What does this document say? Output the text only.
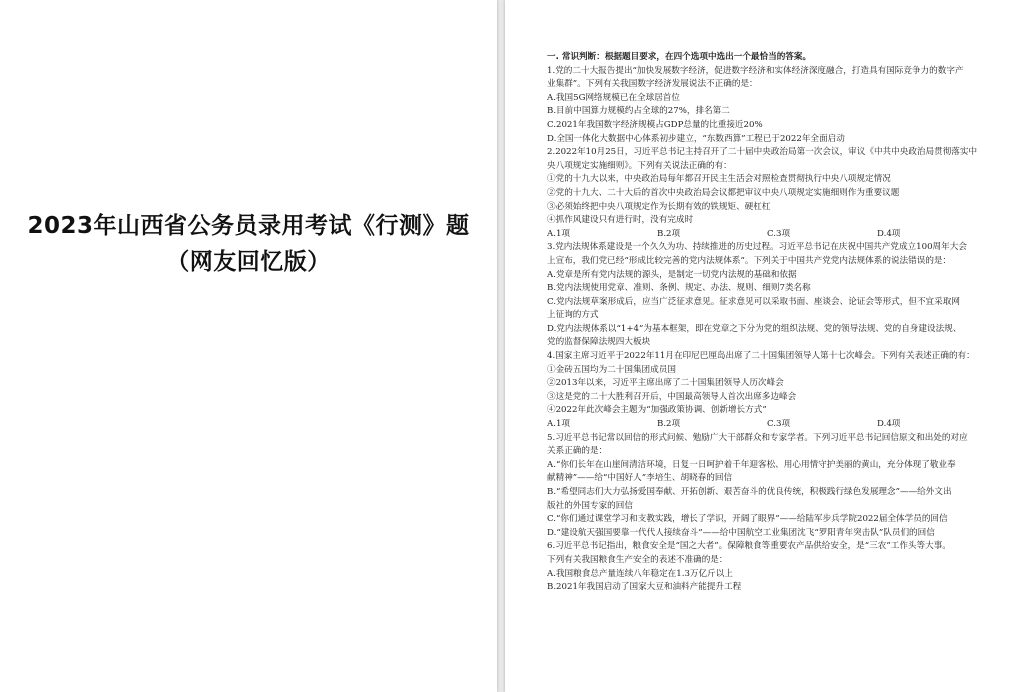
2023年山西省公务员录用考试《行测》题
（网友回忆版）

一. 常识判断：根据题目要求，在四个选项中选出一个最恰当的答案。

1.党的二十大报告提出“加快发展数字经济，促进数字经济和实体经济深度融合，打造具有国际竞争力的数字产

业集群”。下列有关我国数字经济发展说法不正确的是：

A.我国5G网络规模已在全球居首位

B.目前中国算力规模约占全球的27%，排名第二

C.2021年我国数字经济规模占GDP总量的比重接近20%

D.全国一体化大数据中心体系初步建立，“东数西算”工程已于2022年全面启动

2.2022年10月25日，习近平总书记主持召开了二十届中央政治局第一次会议，审议《中共中央政治局贯彻落实中

央八项规定实施细则》。下列有关说法正确的有：

①党的十九大以来，中央政治局每年都召开民主生活会对照检查贯彻执行中央八项规定情况

②党的十九大、二十大后的首次中央政治局会议都把审议中央八项规定实施细则作为重要议题

③必须始终把中央八项规定作为长期有效的铁规矩、硬杠杠

④抓作风建设只有进行时，没有完成时

A.1项	B.2项	C.3项	D.4项

3.党内法规体系建设是一个久久为功、持续推进的历史过程。习近平总书记在庆祝中国共产党成立100周年大会

上宣布，我们党已经“形成比较完善的党内法规体系”。下列关于中国共产党党内法规体系的说法错误的是：

A.党章是所有党内法规的源头，是制定一切党内法规的基础和依据

B.党内法规使用党章、准则、条例、规定、办法、规则、细则7类名称

C.党内法规草案形成后，应当广泛征求意见。征求意见可以采取书面、座谈会、论证会等形式，但不宜采取网

上征询的方式

D.党内法规体系以“1+4”为基本框架，即在党章之下分为党的组织法规、党的领导法规、党的自身建设法规、

党的监督保障法规四大板块

4.国家主席习近平于2022年11月在印尼巴厘岛出席了二十国集团领导人第十七次峰会。下列有关表述正确的有：

①金砖五国均为二十国集团成员国

②2013年以来，习近平主席出席了二十国集团领导人历次峰会

③这是党的二十大胜利召开后，中国最高领导人首次出席多边峰会

④2022年此次峰会主题为“加强政策协调、创新增长方式”

A.1项	B.2项	C.3项	D.4项

5.习近平总书记常以回信的形式问候、勉励广大干部群众和专家学者。下列习近平总书记回信原文和出处的对应

关系正确的是：

A.“你们长年在山崖间清洁环境，日复一日呵护着千年迎客松、用心用情守护美丽的黄山，充分体现了敬业奉

献精神”——给“中国好人”李培生、胡晓春的回信

B.“希望同志们大力弘扬爱国奉献、开拓创新、艰苦奋斗的优良传统，积极践行绿色发展理念”——给外文出

版社的外国专家的回信

C.“你们通过课堂学习和支教实践，增长了学识，开阔了眼界”——给陆军步兵学院2022届全体学员的回信

D.“建设航天强国要靠一代代人接续奋斗”——给中国航空工业集团沈飞“罗阳青年突击队”队员们的回信

6.习近平总书记指出，粮食安全是“国之大者”。保障粮食等重要农产品供给安全，是“三农”工作头等大事。

下列有关我国粮食生产安全的表述不准确的是：

A.我国粮食总产量连续八年稳定在1.3万亿斤以上

B.2021年我国启动了国家大豆和油料产能提升工程
